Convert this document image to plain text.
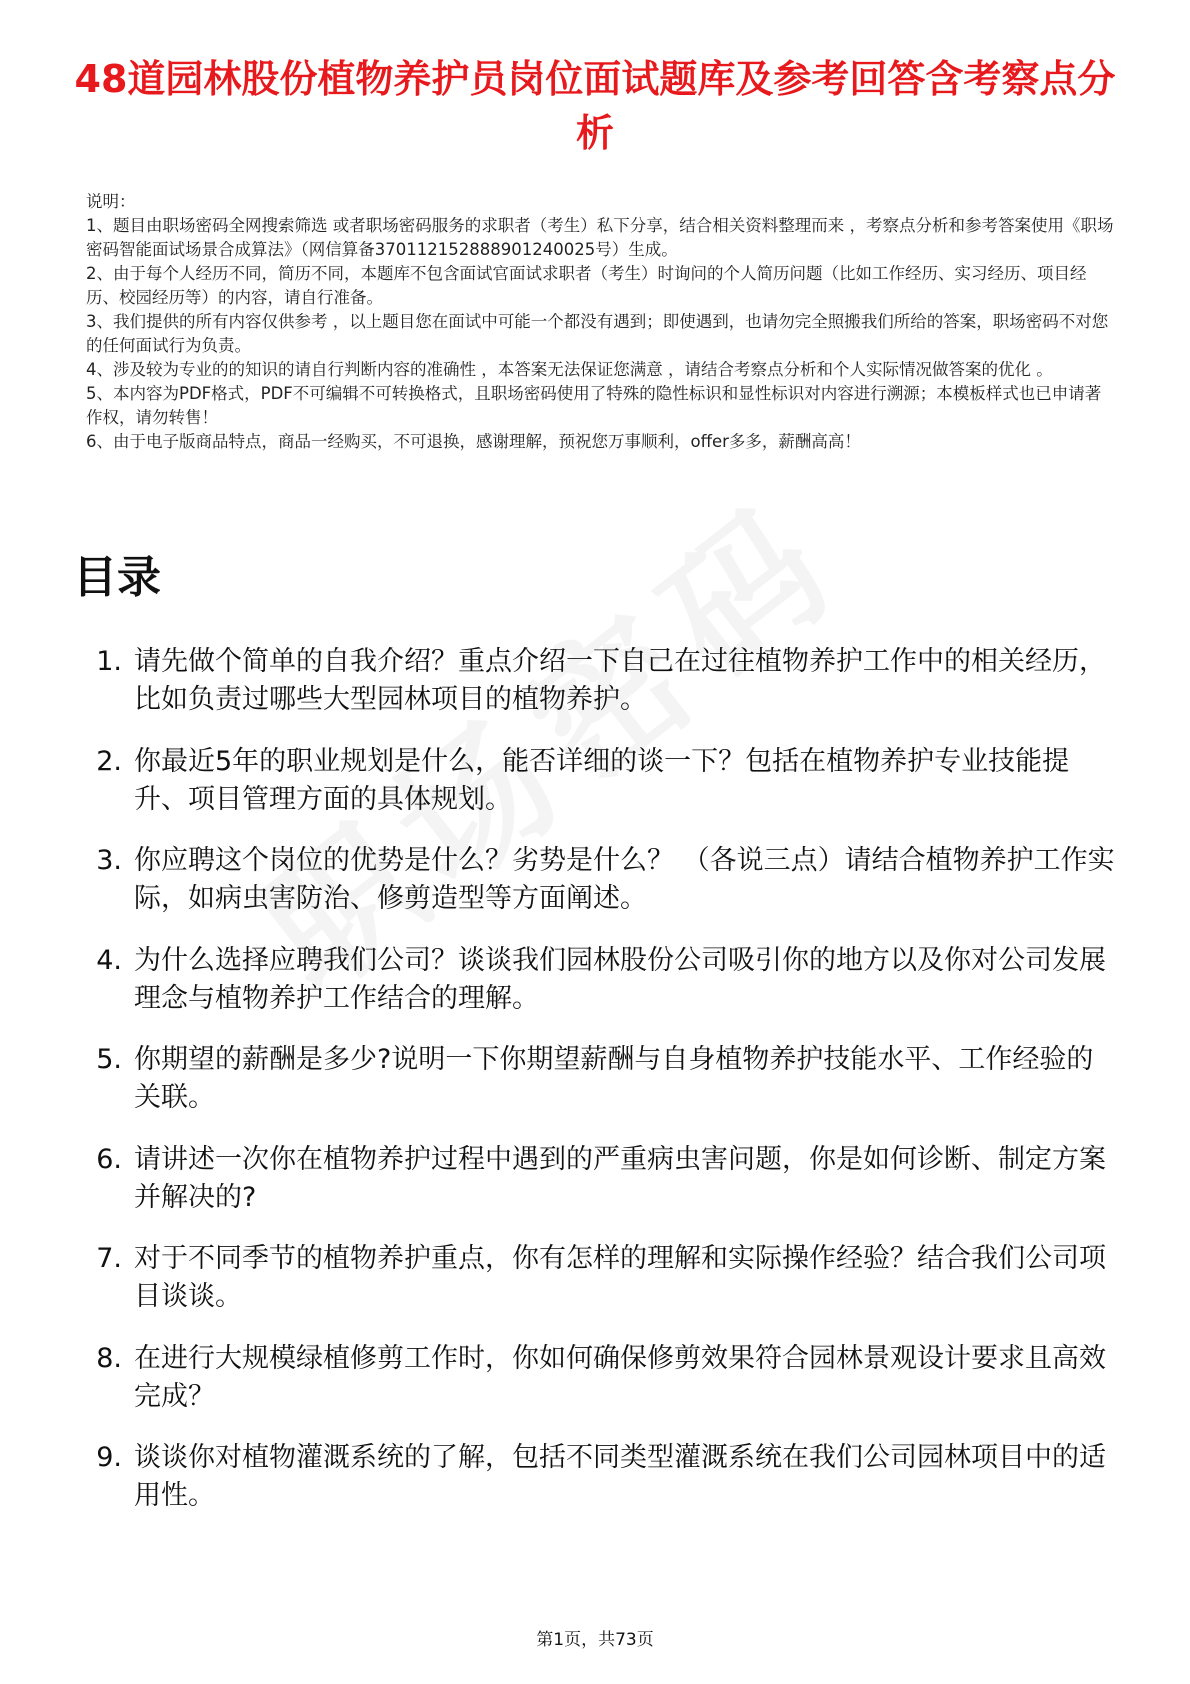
48道园林股份植物养护员岗位面试题库及参考回答含考察点分析

说明：

1、题目由职场密码全网搜索筛选 或者职场密码服务的求职者（考生）私下分享，结合相关资料整理而来 ，考察点分析和参考答案使用《职场密码智能面试场景合成算法》（网信算备370112152888901240025号）生成。

2、由于每个人经历不同，简历不同，本题库不包含面试官面试求职者（考生）时询问的个人简历问题（比如工作经历、实习经历、项目经历、校园经历等）的内容，请自行准备。

3、我们提供的所有内容仅供参考 ，以上题目您在面试中可能一个都没有遇到；即使遇到，也请勿完全照搬我们所给的答案，职场密码不对您的任何面试行为负责。

4、涉及较为专业的的知识的请自行判断内容的准确性 ，本答案无法保证您满意 ，请结合考察点分析和个人实际情况做答案的优化 。

5、本内容为PDF格式，PDF不可编辑不可转换格式，且职场密码使用了特殊的隐性标识和显性标识对内容进行溯源；本模板样式也已申请著作权，请勿转售！

6、由于电子版商品特点，商品一经购买，不可退换，感谢理解，预祝您万事顺利，offer多多，薪酬高高！

目录
1. 请先做个简单的自我介绍？重点介绍一下自己在过往植物养护工作中的相关经历，比如负责过哪些大型园林项目的植物养护。
2. 你最近5年的职业规划是什么，能否详细的谈一下？包括在植物养护专业技能提升、项目管理方面的具体规划。
3. 你应聘这个岗位的优势是什么？劣势是什么？ （各说三点）请结合植物养护工作实际，如病虫害防治、修剪造型等方面阐述。
4. 为什么选择应聘我们公司？谈谈我们园林股份公司吸引你的地方以及你对公司发展理念与植物养护工作结合的理解。
5. 你期望的薪酬是多少?说明一下你期望薪酬与自身植物养护技能水平、工作经验的关联。
6. 请讲述一次你在植物养护过程中遇到的严重病虫害问题，你是如何诊断、制定方案并解决的?
7. 对于不同季节的植物养护重点，你有怎样的理解和实际操作经验？结合我们公司项目谈谈。
8. 在进行大规模绿植修剪工作时，你如何确保修剪效果符合园林景观设计要求且高效完成？
9. 谈谈你对植物灌溉系统的了解，包括不同类型灌溉系统在我们公司园林项目中的适用性。
第1页，共73页
